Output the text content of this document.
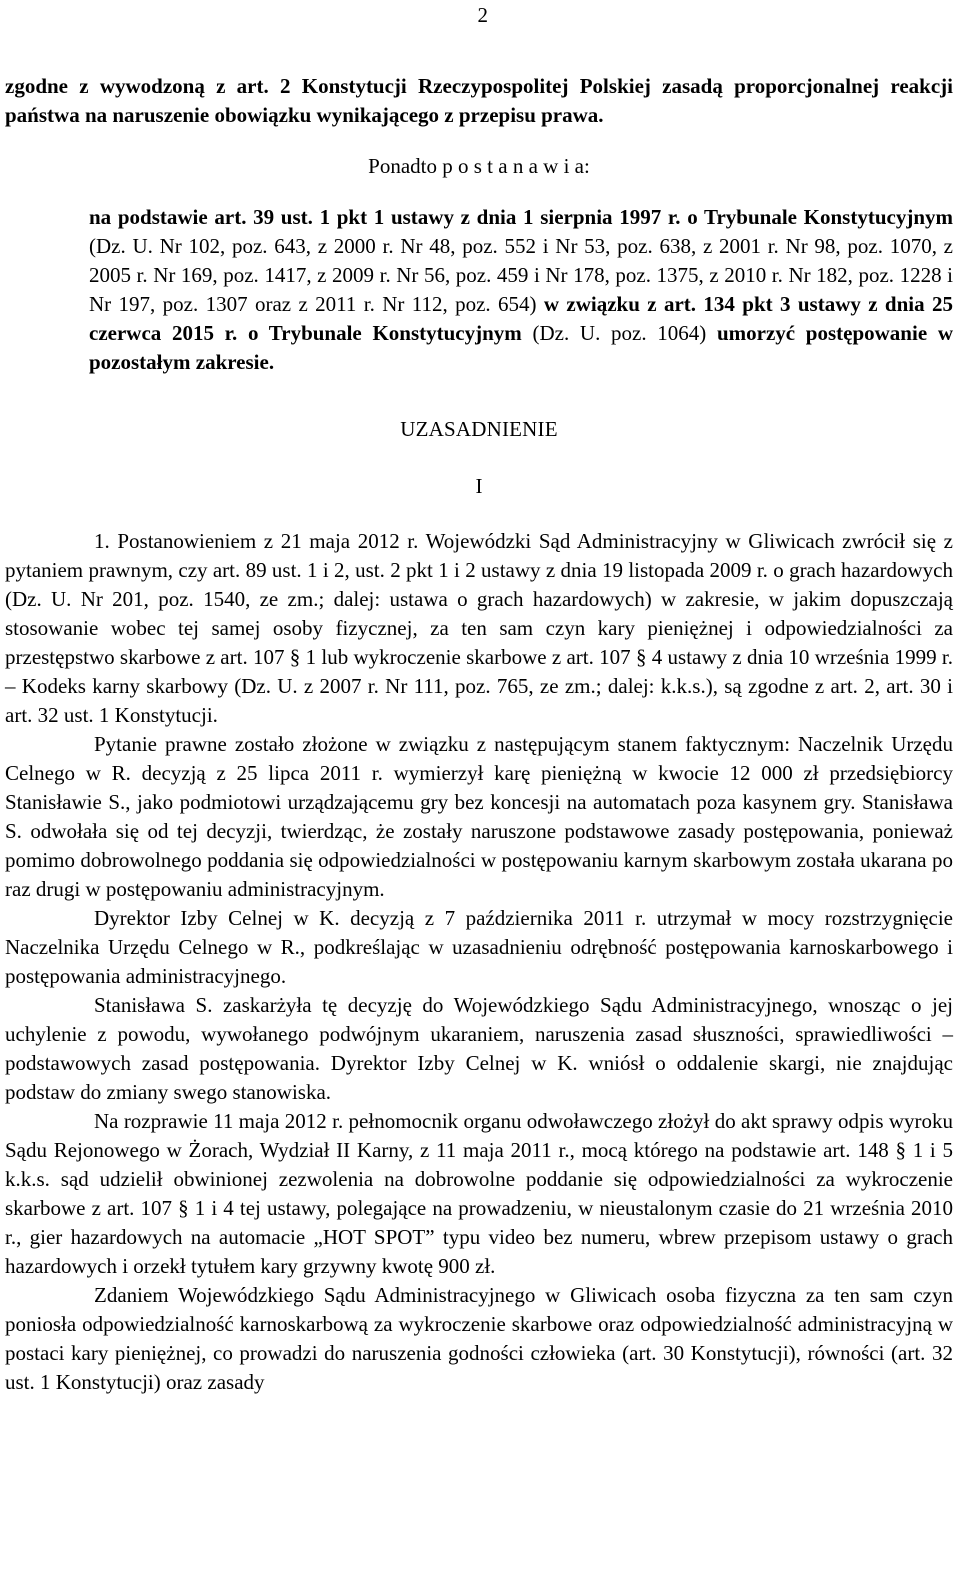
2

zgodne z wywodzoną z art. 2 Konstytucji Rzeczypospolitej Polskiej zasadą proporcjonalnej reakcji państwa na naruszenie obowiązku wynikającego z przepisu prawa.

Ponadto p o s t a n a w i a:

na podstawie art. 39 ust. 1 pkt 1 ustawy z dnia 1 sierpnia 1997 r. o Trybunale Konstytucyjnym (Dz. U. Nr 102, poz. 643, z 2000 r. Nr 48, poz. 552 i Nr 53, poz. 638, z 2001 r. Nr 98, poz. 1070, z 2005 r. Nr 169, poz. 1417, z 2009 r. Nr 56, poz. 459 i Nr 178, poz. 1375, z 2010 r. Nr 182, poz. 1228 i Nr 197, poz. 1307 oraz z 2011 r. Nr 112, poz. 654) w związku z art. 134 pkt 3 ustawy z dnia 25 czerwca 2015 r. o Trybunale Konstytucyjnym (Dz. U. poz. 1064) umorzyć postępowanie w pozostałym zakresie.

UZASADNIENIE

I

1. Postanowieniem z 21 maja 2012 r. Wojewódzki Sąd Administracyjny w Gliwicach zwrócił się z pytaniem prawnym, czy art. 89 ust. 1 i 2, ust. 2 pkt 1 i 2 ustawy z dnia 19 listopada 2009 r. o grach hazardowych (Dz. U. Nr 201, poz. 1540, ze zm.; dalej: ustawa o grach hazardowych) w zakresie, w jakim dopuszczają stosowanie wobec tej samej osoby fizycznej, za ten sam czyn kary pieniężnej i odpowiedzialności za przestępstwo skarbowe z art. 107 § 1 lub wykroczenie skarbowe z art. 107 § 4 ustawy z dnia 10 września 1999 r. – Kodeks karny skarbowy (Dz. U. z 2007 r. Nr 111, poz. 765, ze zm.; dalej: k.k.s.), są zgodne z art. 2, art. 30 i art. 32 ust. 1 Konstytucji.

Pytanie prawne zostało złożone w związku z następującym stanem faktycznym: Naczelnik Urzędu Celnego w R. decyzją z 25 lipca 2011 r. wymierzył karę pieniężną w kwocie 12 000 zł przedsiębiorcy Stanisławie S., jako podmiotowi urządzającemu gry bez koncesji na automatach poza kasynem gry. Stanisława S. odwołała się od tej decyzji, twierdząc, że zostały naruszone podstawowe zasady postępowania, ponieważ pomimo dobrowolnego poddania się odpowiedzialności w postępowaniu karnym skarbowym została ukarana po raz drugi w postępowaniu administracyjnym.

Dyrektor Izby Celnej w K. decyzją z 7 października 2011 r. utrzymał w mocy rozstrzygnięcie Naczelnika Urzędu Celnego w R., podkreślając w uzasadnieniu odrębność postępowania karnoskarbowego i postępowania administracyjnego.

Stanisława S. zaskarżyła tę decyzję do Wojewódzkiego Sądu Administracyjnego, wnosząc o jej uchylenie z powodu, wywołanego podwójnym ukaraniem, naruszenia zasad słuszności, sprawiedliwości – podstawowych zasad postępowania. Dyrektor Izby Celnej w K. wniósł o oddalenie skargi, nie znajdując podstaw do zmiany swego stanowiska.

Na rozprawie 11 maja 2012 r. pełnomocnik organu odwoławczego złożył do akt sprawy odpis wyroku Sądu Rejonowego w Żorach, Wydział II Karny, z 11 maja 2011 r., mocą którego na podstawie art. 148 § 1 i 5 k.k.s. sąd udzielił obwinionej zezwolenia na dobrowolne poddanie się odpowiedzialności za wykroczenie skarbowe z art. 107 § 1 i 4 tej ustawy, polegające na prowadzeniu, w nieustalonym czasie do 21 września 2010 r., gier hazardowych na automacie „HOT SPOT” typu video bez numeru, wbrew przepisom ustawy o grach hazardowych i orzekł tytułem kary grzywny kwotę 900 zł.

Zdaniem Wojewódzkiego Sądu Administracyjnego w Gliwicach osoba fizyczna za ten sam czyn poniosła odpowiedzialność karnoskarbową za wykroczenie skarbowe oraz odpowiedzialność administracyjną w postaci kary pieniężnej, co prowadzi do naruszenia godności człowieka (art. 30 Konstytucji), równości (art. 32 ust. 1 Konstytucji) oraz zasady
